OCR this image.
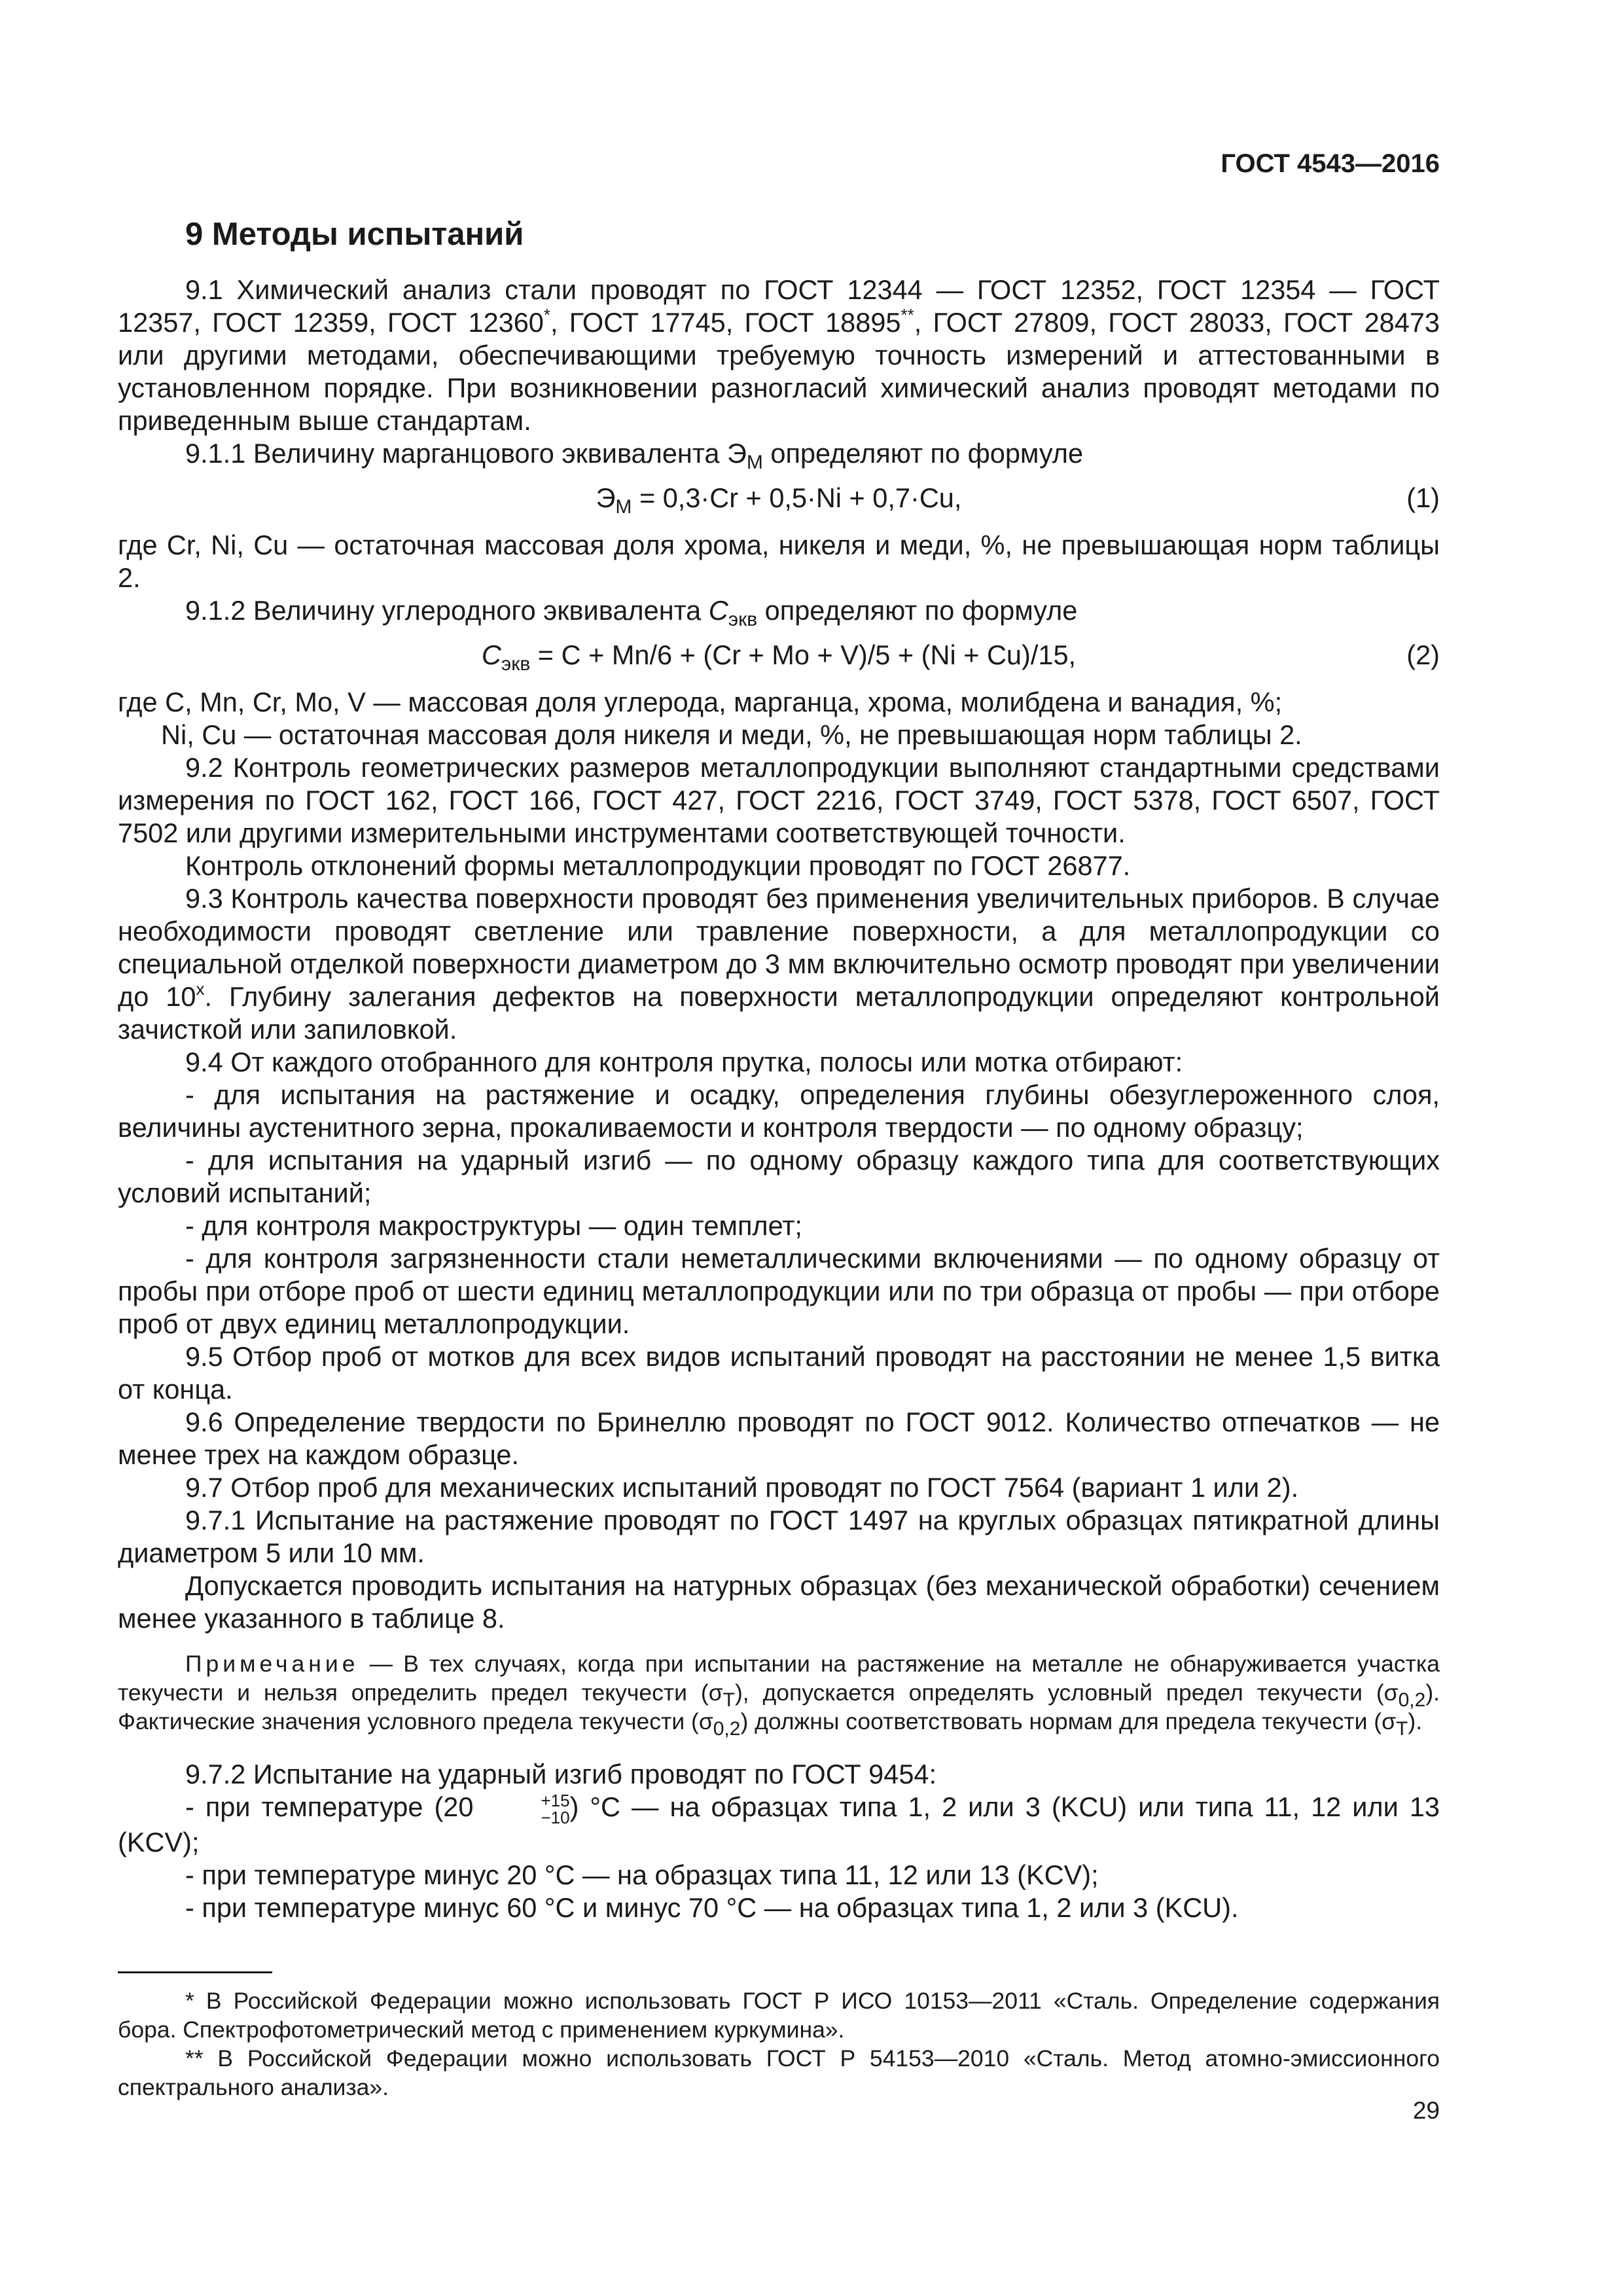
ГОСТ 4543—2016
9 Методы испытаний

9.1 Химический анализ стали проводят по ГОСТ 12344 — ГОСТ 12352, ГОСТ 12354 — ГОСТ 12357, ГОСТ 12359, ГОСТ 12360*, ГОСТ 17745, ГОСТ 18895**, ГОСТ 27809, ГОСТ 28033, ГОСТ 28473 или другими методами, обеспечивающими требуемую точность измерений и аттестованными в установленном порядке. При возникновении разногласий химический анализ проводят методами по приведенным выше стандартам.

9.1.1 Величину марганцового эквивалента $Э_М$ определяют по формуле

$Э_М = 0,3\cdot Cr + 0,5\cdot Ni + 0,7\cdot Cu$,	(1)

где Cr, Ni, Cu — остаточная массовая доля хрома, никеля и меди, %, не превышающая норм таблицы 2.

9.1.2 Величину углеродного эквивалента $C_{экв}$ определяют по формуле

$C_{экв} = C + Mn/6 + (Cr + Mo + V)/5 + (Ni + Cu)/15$,	(2)

где C, Mn, Cr, Mo, V — массовая доля углерода, марганца, хрома, молибдена и ванадия, %;

Ni, Cu — остаточная массовая доля никеля и меди, %, не превышающая норм таблицы 2.

9.2 Контроль геометрических размеров металлопродукции выполняют стандартными средствами измерения по ГОСТ 162, ГОСТ 166, ГОСТ 427, ГОСТ 2216, ГОСТ 3749, ГОСТ 5378, ГОСТ 6507, ГОСТ 7502 или другими измерительными инструментами соответствующей точности.

Контроль отклонений формы металлопродукции проводят по ГОСТ 26877.

9.3 Контроль качества поверхности проводят без применения увеличительных приборов. В случае необходимости проводят светление или травление поверхности, а для металлопродукции со специальной отделкой поверхности диаметром до 3 мм включительно осмотр проводят при увеличении до $10^х$. Глубину залегания дефектов на поверхности металлопродукции определяют контрольной зачисткой или запиловкой.

9.4 От каждого отобранного для контроля прутка, полосы или мотка отбирают:

- для испытания на растяжение и осадку, определения глубины обезуглероженного слоя, величины аустенитного зерна, прокаливаемости и контроля твердости — по одному образцу;

- для испытания на ударный изгиб — по одному образцу каждого типа для соответствующих условий испытаний;

- для контроля макроструктуры — один темплет;

- для контроля загрязненности стали неметаллическими включениями — по одному образцу от пробы при отборе проб от шести единиц металлопродукции или по три образца от пробы — при отборе проб от двух единиц металлопродукции.

9.5 Отбор проб от мотков для всех видов испытаний проводят на расстоянии не менее 1,5 витка от конца.

9.6 Определение твердости по Бринеллю проводят по ГОСТ 9012. Количество отпечатков — не менее трех на каждом образце.

9.7 Отбор проб для механических испытаний проводят по ГОСТ 7564 (вариант 1 или 2).

9.7.1 Испытание на растяжение проводят по ГОСТ 1497 на круглых образцах пятикратной длины диаметром 5 или 10 мм.

Допускается проводить испытания на натурных образцах (без механической обработки) сечением менее указанного в таблице 8.

Примечание — В тех случаях, когда при испытании на растяжение на металле не обнаруживается участка текучести и нельзя определить предел текучести $(\sigma_T)$, допускается определять условный предел текучести $(\sigma_{0,2})$. Фактические значения условного предела текучести $(\sigma_{0,2})$ должны соответствовать нормам для предела текучести $(\sigma_T)$.

9.7.2 Испытание на ударный изгиб проводят по ГОСТ 9454:

- при температуре (20	+15
−10 ) °С — на образцах типа 1, 2 или 3 (KCU) или типа 11, 12 или 13 (KCV);

- при температуре минус 20 °С — на образцах типа 11, 12 или 13 (KCV);

- при температуре минус 60 °С и минус 70 °С — на образцах типа 1, 2 или 3 (KCU).

* В Российской Федерации можно использовать ГОСТ Р ИСО 10153—2011 «Сталь. Определение содержания бора. Спектрофотометрический метод с применением куркумина».

** В Российской Федерации можно использовать ГОСТ Р 54153—2010 «Сталь. Метод атомно-эмиссионного спектрального анализа».

29
